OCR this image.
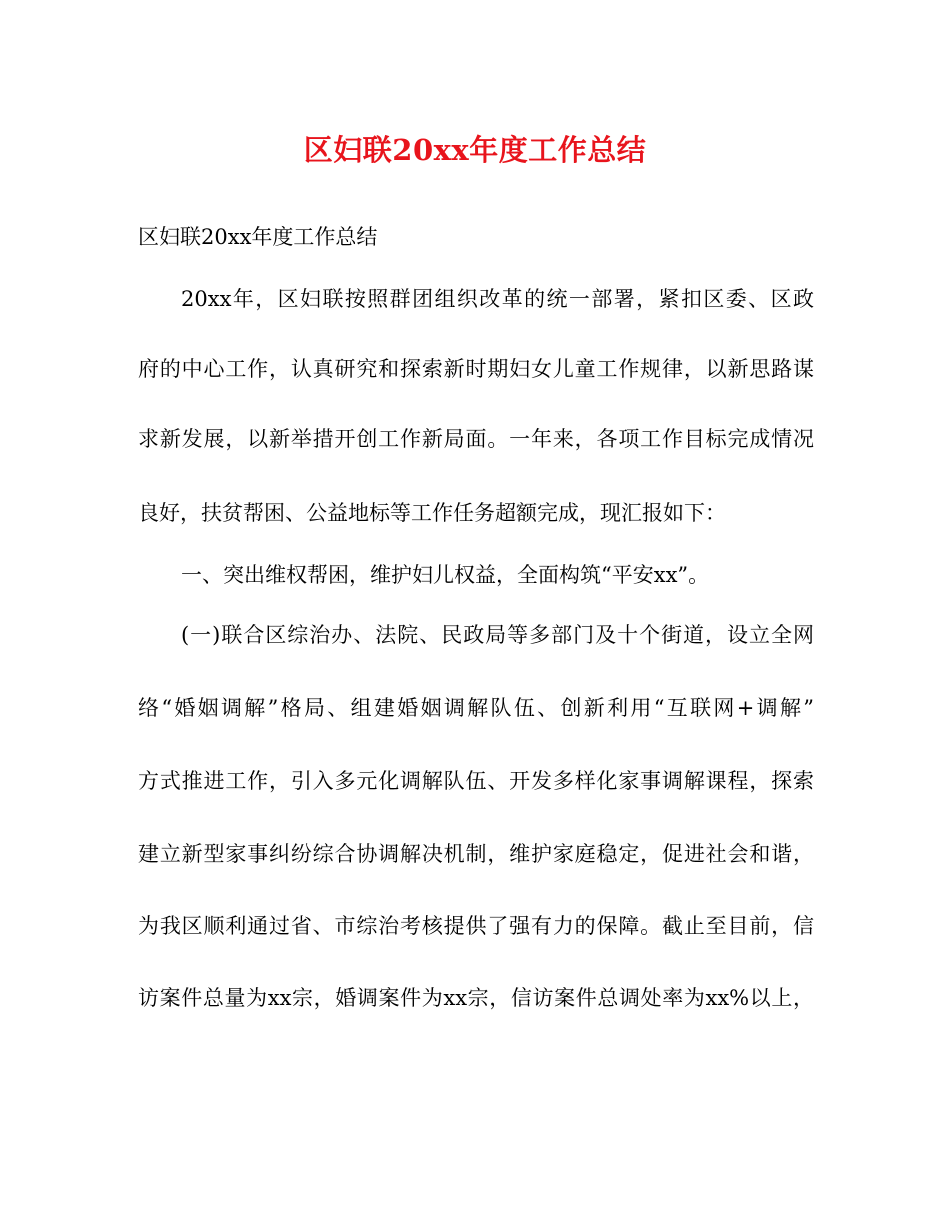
区妇联20xx年度工作总结
区妇联20xx年度工作总结
20xx年，区妇联按照群团组织改革的统一部署，紧扣区委、区政
府的中心工作，认真研究和探索新时期妇女儿童工作规律，以新思路谋
求新发展，以新举措开创工作新局面。一年来，各项工作目标完成情况
良好，扶贫帮困、公益地标等工作任务超额完成，现汇报如下：
一、突出维权帮困，维护妇儿权益，全面构筑“平安xx”。
(一)联合区综治办、法院、民政局等多部门及十个街道，设立全网
络“婚姻调解”格局、组建婚姻调解队伍、创新利用“互联网+调解”
方式推进工作，引入多元化调解队伍、开发多样化家事调解课程，探索
建立新型家事纠纷综合协调解决机制，维护家庭稳定，促进社会和谐，
为我区顺利通过省、市综治考核提供了强有力的保障。截止至目前，信
访案件总量为xx宗，婚调案件为xx宗，信访案件总调处率为xx%以上，
